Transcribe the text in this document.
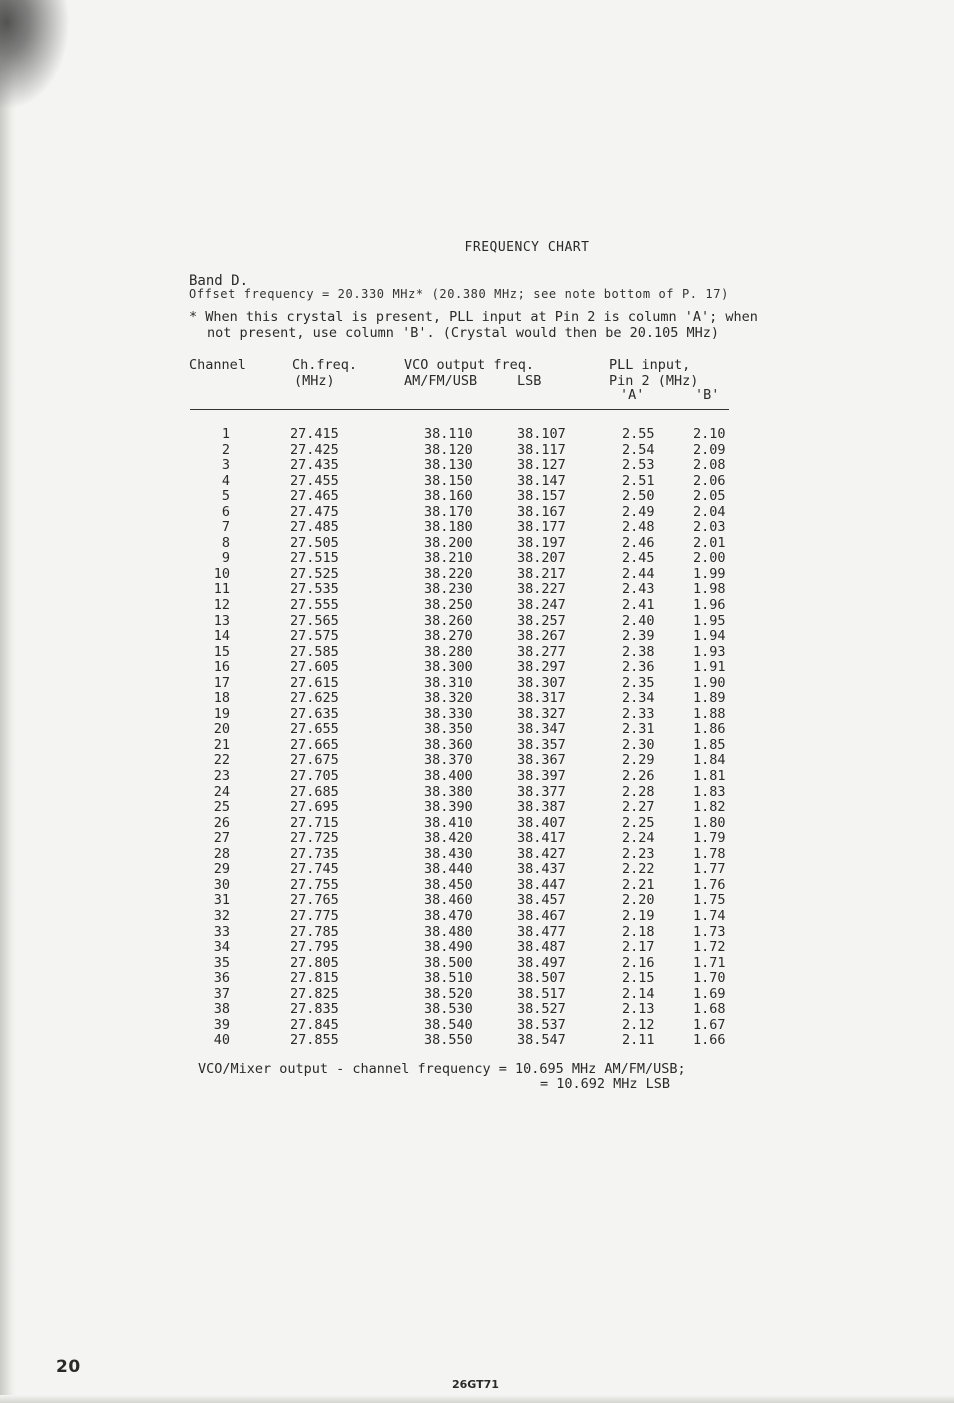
FREQUENCY CHART
Band D.
Offset frequency = 20.330 MHz* (20.380 MHz; see note bottom of P. 17)
* When this crystal is present, PLL input at Pin 2 is column 'A'; when
not present, use column 'B'. (Crystal would then be 20.105 MHz)
Channel	Ch.freq.
(MHz)
VCO output freq.
AM/FM/USB	LSB
PLL input,
Pin 2 (MHz)
'A'	'B'
1	27.415	38.110	38.107	2.55	2.10
2	27.425	38.120	38.117	2.54	2.09
3	27.435	38.130	38.127	2.53	2.08
4	27.455	38.150	38.147	2.51	2.06
5	27.465	38.160	38.157	2.50	2.05
6	27.475	38.170	38.167	2.49	2.04
7	27.485	38.180	38.177	2.48	2.03
8	27.505	38.200	38.197	2.46	2.01
9	27.515	38.210	38.207	2.45	2.00
10	27.525	38.220	38.217	2.44	1.99
11	27.535	38.230	38.227	2.43	1.98
12	27.555	38.250	38.247	2.41	1.96
13	27.565	38.260	38.257	2.40	1.95
14	27.575	38.270	38.267	2.39	1.94
15	27.585	38.280	38.277	2.38	1.93
16	27.605	38.300	38.297	2.36	1.91
17	27.615	38.310	38.307	2.35	1.90
18	27.625	38.320	38.317	2.34	1.89
19	27.635	38.330	38.327	2.33	1.88
20	27.655	38.350	38.347	2.31	1.86
21	27.665	38.360	38.357	2.30	1.85
22	27.675	38.370	38.367	2.29	1.84
23	27.705	38.400	38.397	2.26	1.81
24	27.685	38.380	38.377	2.28	1.83
25	27.695	38.390	38.387	2.27	1.82
26	27.715	38.410	38.407	2.25	1.80
27	27.725	38.420	38.417	2.24	1.79
28	27.735	38.430	38.427	2.23	1.78
29	27.745	38.440	38.437	2.22	1.77
30	27.755	38.450	38.447	2.21	1.76
31	27.765	38.460	38.457	2.20	1.75
32	27.775	38.470	38.467	2.19	1.74
33	27.785	38.480	38.477	2.18	1.73
34	27.795	38.490	38.487	2.17	1.72
35	27.805	38.500	38.497	2.16	1.71
36	27.815	38.510	38.507	2.15	1.70
37	27.825	38.520	38.517	2.14	1.69
38	27.835	38.530	38.527	2.13	1.68
39	27.845	38.540	38.537	2.12	1.67
40	27.855	38.550	38.547	2.11	1.66
VCO/Mixer output - channel frequency = 10.695 MHz AM/FM/USB;
= 10.692 MHz LSB
20
26GT71
